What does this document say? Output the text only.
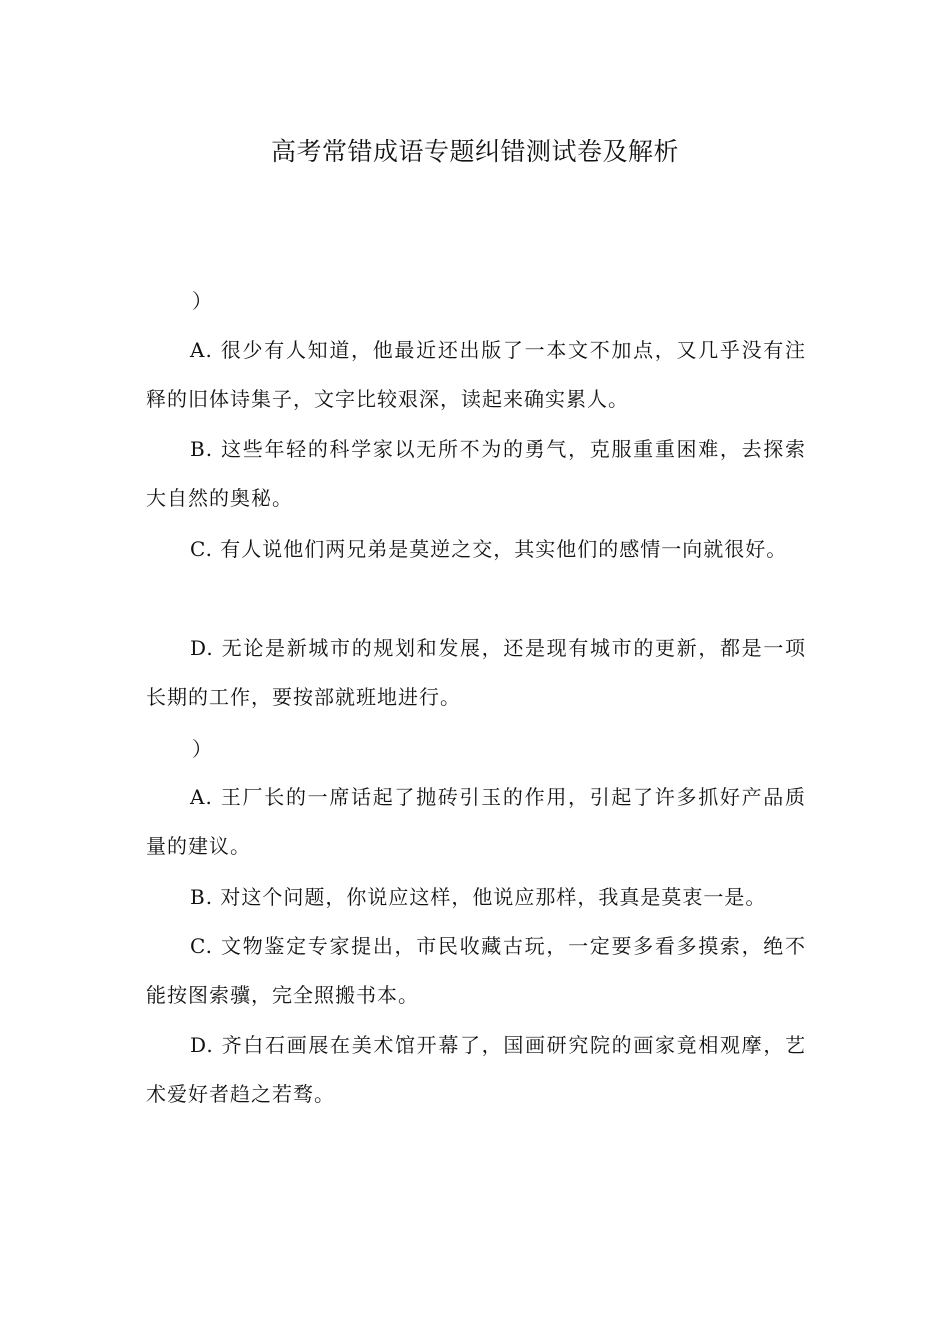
高考常错成语专题纠错测试卷及解析
）

A. 很少有人知道，他最近还出版了一本文不加点，又几乎没有注释的旧体诗集子，文字比较艰深，读起来确实累人。

B. 这些年轻的科学家以无所不为的勇气，克服重重困难，去探索大自然的奥秘。

C. 有人说他们两兄弟是莫逆之交，其实他们的感情一向就很好。

D. 无论是新城市的规划和发展，还是现有城市的更新，都是一项长期的工作，要按部就班地进行。

）

A. 王厂长的一席话起了抛砖引玉的作用，引起了许多抓好产品质量的建议。

B. 对这个问题，你说应这样，他说应那样，我真是莫衷一是。

C. 文物鉴定专家提出，市民收藏古玩，一定要多看多摸索，绝不能按图索骥，完全照搬书本。

D. 齐白石画展在美术馆开幕了，国画研究院的画家竟相观摩，艺术爱好者趋之若骛。
